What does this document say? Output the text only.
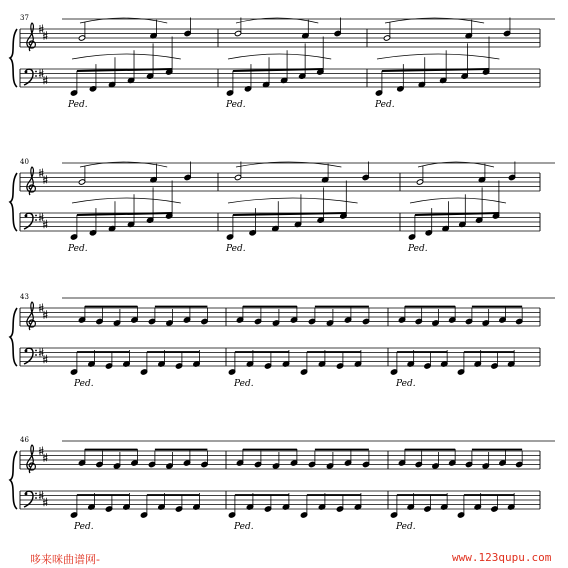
37
Ped.	Ped.	Ped.
40
Ped.	Ped.	Ped.
43
Ped.	Ped.	Ped.
46
Ped.	Ped.	Ped.
哆来咪曲谱网-	www.123qupu.com
